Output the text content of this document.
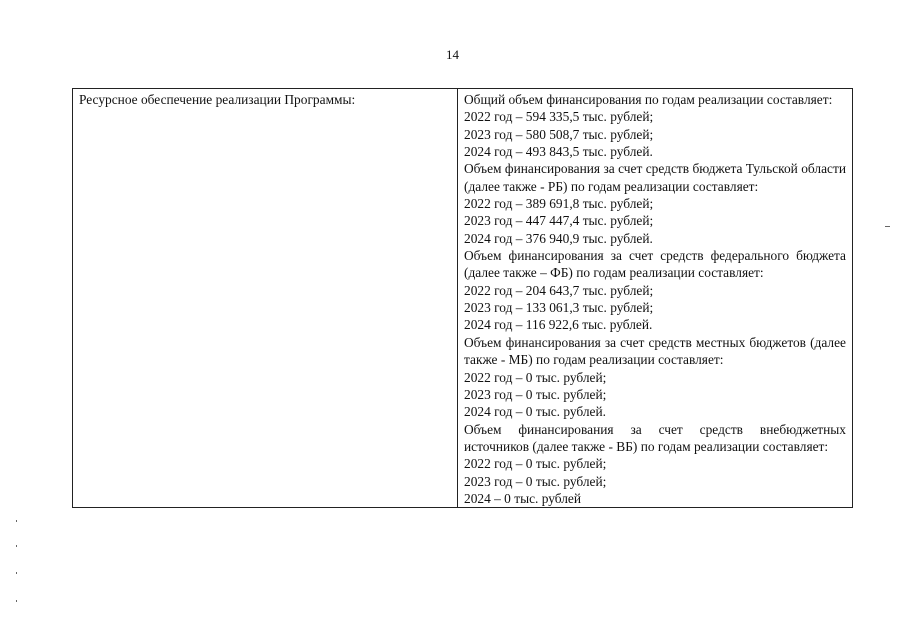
14
Ресурсное обеспечение реализации Программы:	Общий объем финансирования по годам реализации составляет:
2022 год – 594 335,5 тыс. рублей;
2023 год – 580 508,7 тыс. рублей;
2024 год – 493 843,5 тыс. рублей.
Объем финансирования за счет средств бюджета Тульской области (далее также - РБ) по годам реализации составляет:
2022 год – 389 691,8 тыс. рублей;
2023 год – 447 447,4 тыс. рублей;
2024 год – 376 940,9 тыс. рублей.
Объем финансирования за счет средств федерального бюджета (далее также – ФБ) по годам реализации составляет:
2022 год – 204 643,7 тыс. рублей;
2023 год – 133 061,3 тыс. рублей;
2024 год – 116 922,6 тыс. рублей.
Объем финансирования за счет средств местных бюджетов (далее также - МБ) по годам реализации составляет:
2022 год – 0 тыс. рублей;
2023 год – 0 тыс. рублей;
2024 год – 0 тыс. рублей.
Объем финансирования за счет средств внебюджетных источников (далее также - ВБ) по годам реализации составляет:
2022 год – 0 тыс. рублей;
2023 год – 0 тыс. рублей;
2024 – 0 тыс. рублей
